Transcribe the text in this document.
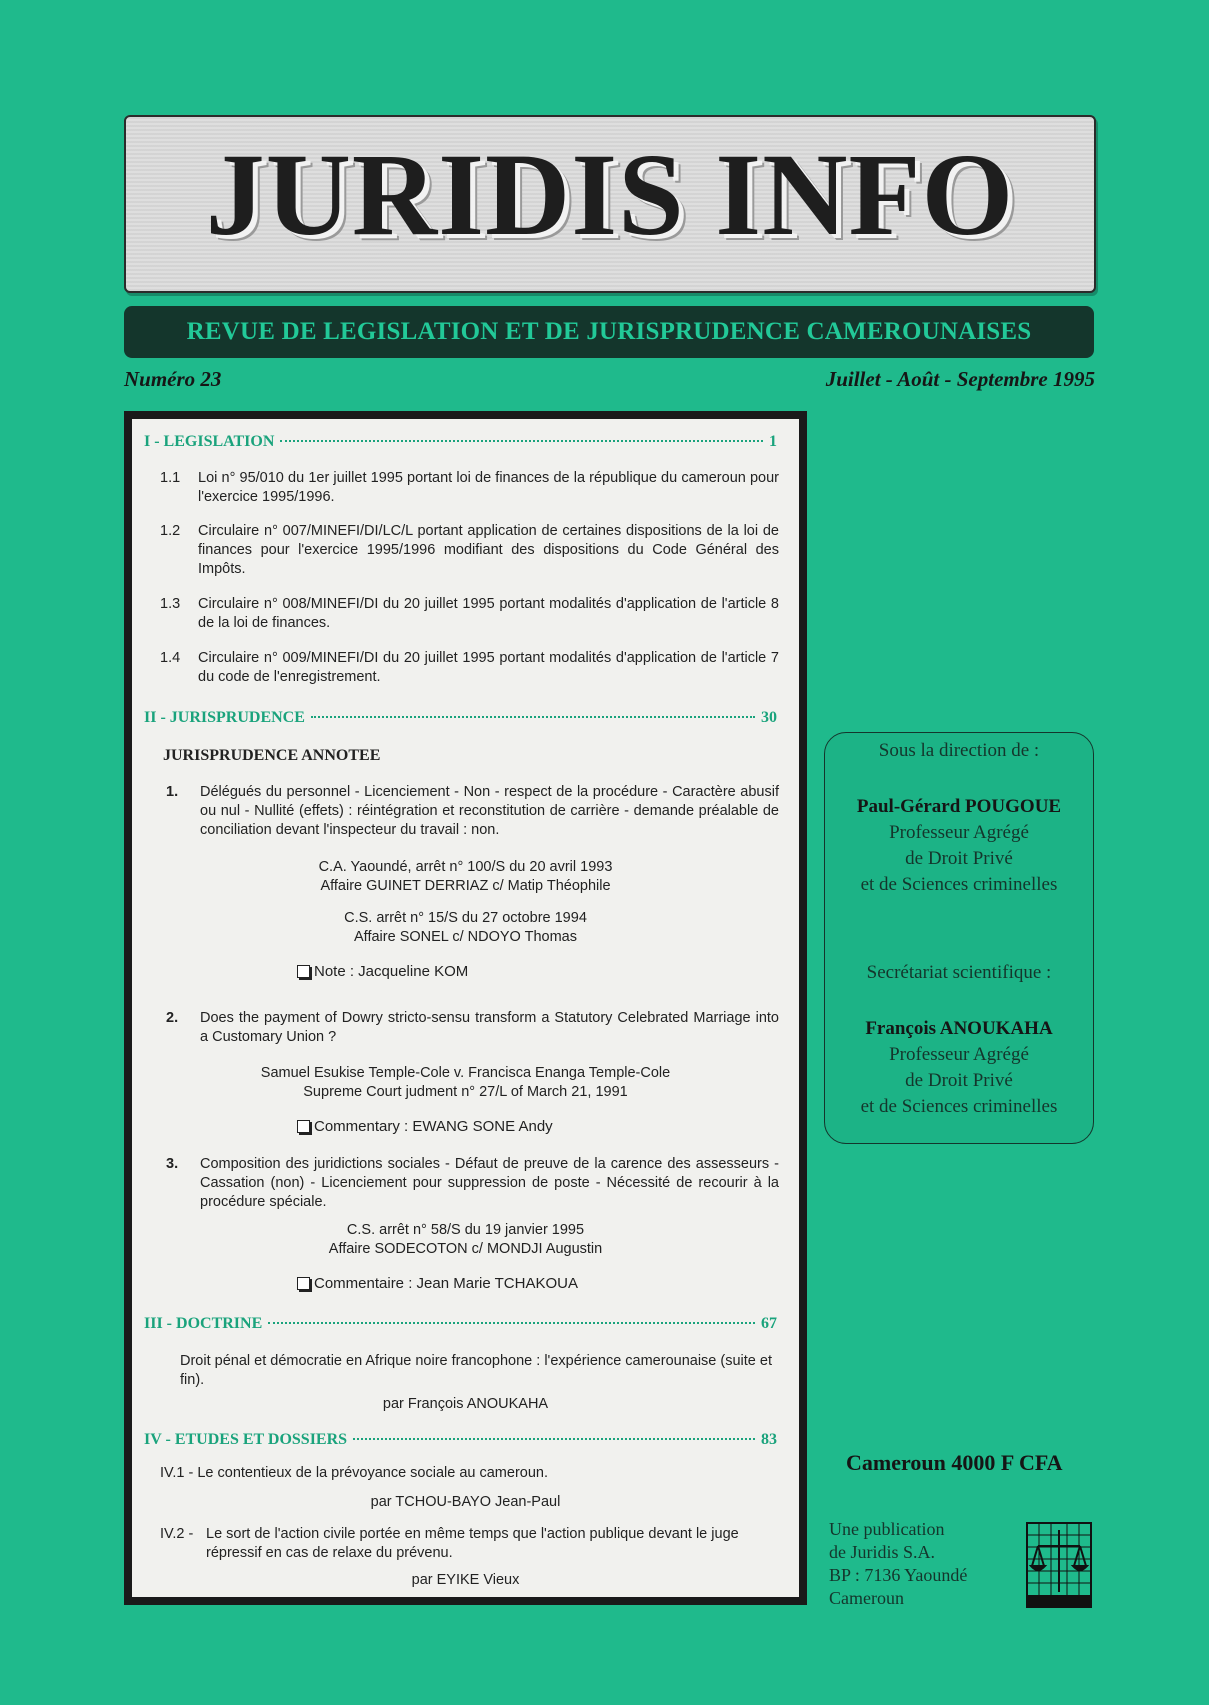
JURIDIS INFO
REVUE DE LEGISLATION ET DE JURISPRUDENCE CAMEROUNAISES
Numéro 23	Juillet - Août - Septembre 1995
I - LEGISLATION	1
1.1 Loi n° 95/010 du 1er juillet 1995 portant loi de finances de la république du cameroun pour l'exercice 1995/1996.
1.2 Circulaire n° 007/MINEFI/DI/LC/L portant application de certaines dispositions de la loi de finances pour l'exercice 1995/1996 modifiant des dispositions du Code Général des Impôts.
1.3 Circulaire n° 008/MINEFI/DI du 20 juillet 1995 portant modalités d'application de l'article 8 de la loi de finances.
1.4 Circulaire n° 009/MINEFI/DI du 20 juillet 1995 portant modalités d'application de l'article 7 du code de l'enregistrement.
II - JURISPRUDENCE	30
JURISPRUDENCE ANNOTEE
1. Délégués du personnel - Licenciement - Non - respect de la procédure - Caractère abusif ou nul - Nullité (effets) : réintégration et reconstitution de carrière - demande préalable de conciliation devant l'inspecteur du travail : non.
C.A. Yaoundé, arrêt n° 100/S du 20 avril 1993
Affaire GUINET DERRIAZ c/ Matip Théophile
C.S. arrêt n° 15/S du 27 octobre 1994
Affaire SONEL c/ NDOYO Thomas
Note : Jacqueline KOM
2. Does the payment of Dowry stricto-sensu transform a Statutory Celebrated Marriage into a Customary Union ?
Samuel Esukise Temple-Cole v. Francisca Enanga Temple-Cole
Supreme Court judment n° 27/L of March 21, 1991
Commentary : EWANG SONE Andy
3. Composition des juridictions sociales - Défaut de preuve de la carence des assesseurs - Cassation (non) - Licenciement pour suppression de poste - Nécessité de recourir à la procédure spéciale.
C.S. arrêt n° 58/S du 19 janvier 1995
Affaire SODECOTON c/ MONDJI Augustin
Commentaire : Jean Marie TCHAKOUA
III - DOCTRINE	67
Droit pénal et démocratie en Afrique noire francophone : l'expérience camerounaise (suite et fin).
par François ANOUKAHA
IV - ETUDES ET DOSSIERS	83
IV.1 - Le contentieux de la prévoyance sociale au cameroun.
par TCHOU-BAYO Jean-Paul
IV.2 - Le sort de l'action civile portée en même temps que l'action publique devant le juge répressif en cas de relaxe du prévenu.
par EYIKE Vieux
Sous la direction de :
Paul-Gérard POUGOUE
Professeur Agrégé
de Droit Privé
et de Sciences criminelles
Secrétariat scientifique :
François ANOUKAHA
Professeur Agrégé
de Droit Privé
et de Sciences criminelles
Cameroun 4000 F CFA
Une publication
de Juridis S.A.
BP : 7136 Yaoundé
Cameroun
